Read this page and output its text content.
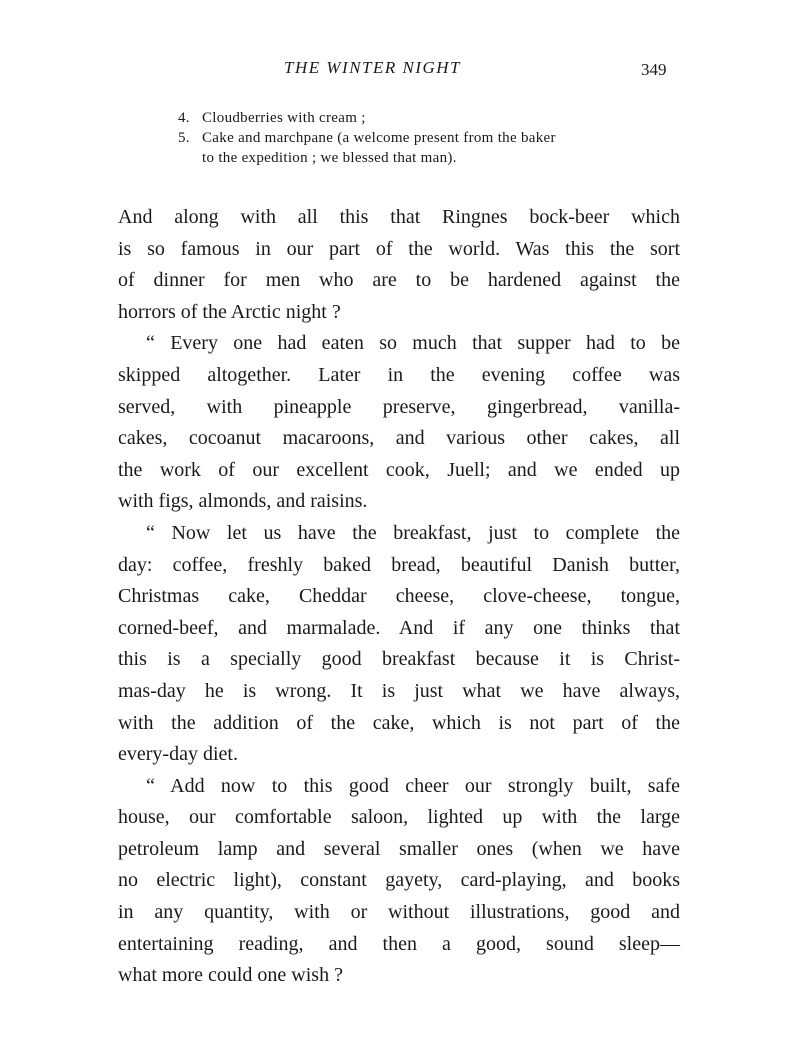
THE WINTER NIGHT	349
4. Cloudberries with cream ;
5. Cake and marchpane (a welcome present from the baker
to the expedition ; we blessed that man).
And along with all this that Ringnes bock-beer which
is so famous in our part of the world. Was this the sort
of dinner for men who are to be hardened against the
horrors of the Arctic night ?
“ Every one had eaten so much that supper had to be
skipped altogether. Later in the evening coffee was
served, with pineapple preserve, gingerbread, vanilla-
cakes, cocoanut macaroons, and various other cakes, all
the work of our excellent cook, Juell; and we ended up
with figs, almonds, and raisins.
“ Now let us have the breakfast, just to complete the
day: coffee, freshly baked bread, beautiful Danish butter,
Christmas cake, Cheddar cheese, clove-cheese, tongue,
corned-beef, and marmalade. And if any one thinks that
this is a specially good breakfast because it is Christ-
mas-day he is wrong. It is just what we have always,
with the addition of the cake, which is not part of the
every-day diet.
“ Add now to this good cheer our strongly built, safe
house, our comfortable saloon, lighted up with the large
petroleum lamp and several smaller ones (when we have
no electric light), constant gayety, card-playing, and books
in any quantity, with or without illustrations, good and
entertaining reading, and then a good, sound sleep—
what more could one wish ?
